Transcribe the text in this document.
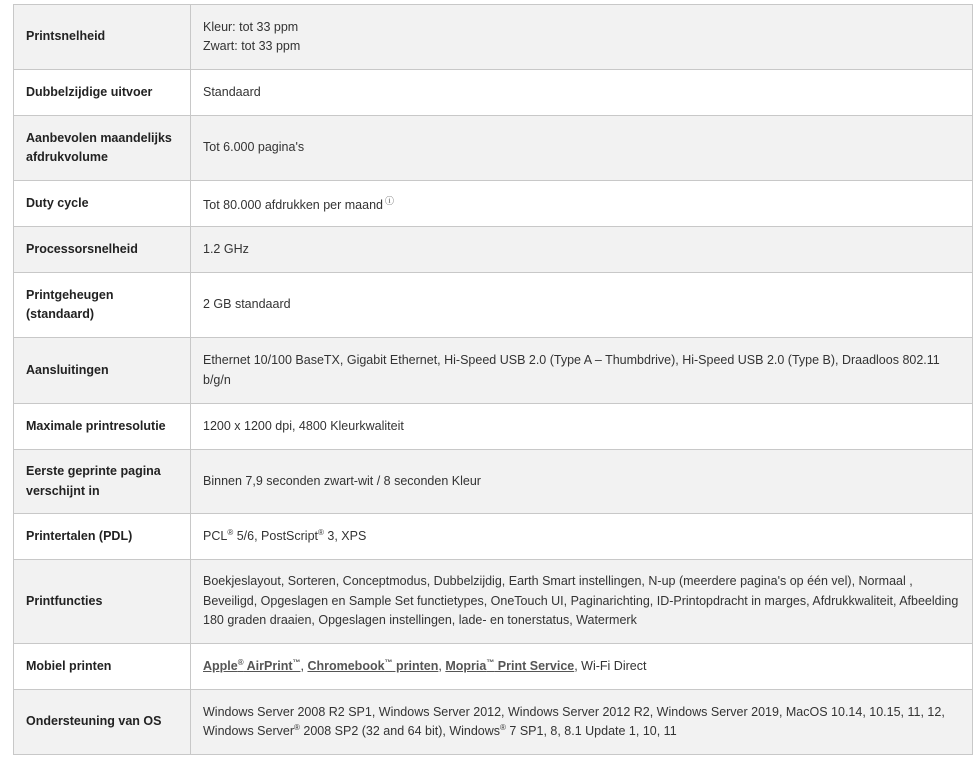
Printsnelheid	Kleur: tot 33 ppm
Zwart: tot 33 ppm

Dubbelzijdige uitvoer	Standaard
Aanbevolen maandelijks afdrukvolume	Tot 6.000 pagina's
Duty cycle	Tot 80.000 afdrukken per maand ⓘ
Processorsnelheid	1.2 GHz
Printgeheugen (standaard)	2 GB standaard
Aansluitingen	Ethernet 10/100 BaseTX, Gigabit Ethernet, Hi-Speed USB 2.0 (Type A – Thumbdrive), Hi-Speed USB 2.0 (Type B), Draadloos 802.11 b/g/n
Maximale printresolutie	1200 x 1200 dpi, 4800 Kleurkwaliteit
Eerste geprinte pagina verschijnt in	Binnen 7,9 seconden zwart-wit / 8 seconden Kleur
Printertalen (PDL)	PCL® 5/6, PostScript® 3, XPS
Printfuncties	Boekjeslayout, Sorteren, Conceptmodus, Dubbelzijdig, Earth Smart instellingen, N-up (meerdere pagina's op één vel), Normaal , Beveiligd, Opgeslagen en Sample Set functietypes, OneTouch UI, Paginarichting, ID-Printopdracht in marges, Afdrukkwaliteit, Afbeelding 180 graden draaien, Opgeslagen instellingen, lade- en tonerstatus, Watermerk
Mobiel printen	Apple® AirPrint™, Chromebook™ printen, Mopria™ Print Service, Wi-Fi Direct
Ondersteuning van OS	Windows Server 2008 R2 SP1, Windows Server 2012, Windows Server 2012 R2, Windows Server 2019, MacOS 10.14, 10.15, 11, 12,
Windows Server® 2008 SP2 (32 and 64 bit), Windows® 7 SP1, 8, 8.1 Update 1, 10, 11
